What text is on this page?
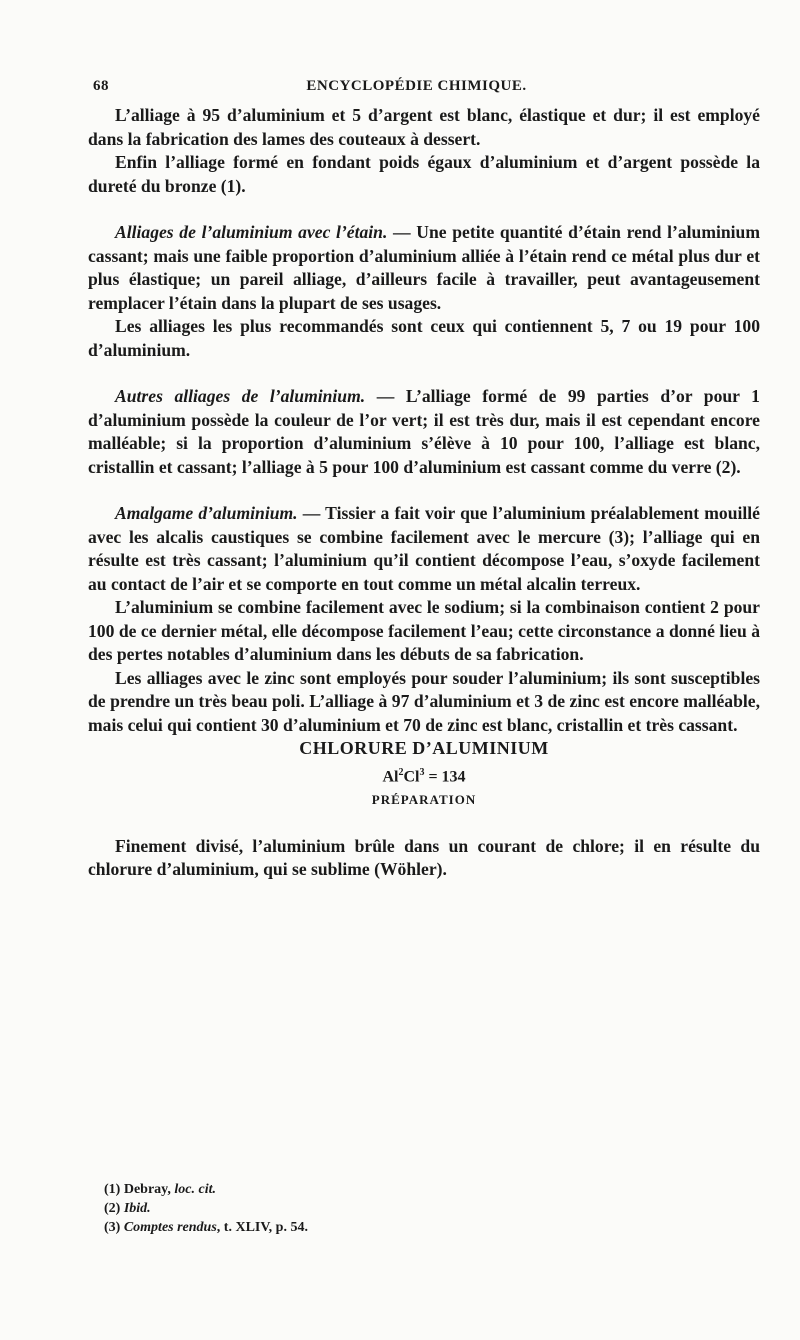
68	ENCYCLOPÉDIE CHIMIQUE.

L’alliage à 95 d’aluminium et 5 d’argent est blanc, élastique et dur; il est employé dans la fabrication des lames des couteaux à dessert.

Enfin l’alliage formé en fondant poids égaux d’aluminium et d’argent possède la dureté du bronze (1).

Alliages de l’aluminium avec l’étain. — Une petite quantité d’étain rend l’aluminium cassant; mais une faible proportion d’aluminium alliée à l’étain rend ce métal plus dur et plus élastique; un pareil alliage, d’ailleurs facile à travailler, peut avantageusement remplacer l’étain dans la plupart de ses usages.

Les alliages les plus recommandés sont ceux qui contiennent 5, 7 ou 19 pour 100 d’aluminium.

Autres alliages de l’aluminium. — L’alliage formé de 99 parties d’or pour 1 d’aluminium possède la couleur de l’or vert; il est très dur, mais il est cependant encore malléable; si la proportion d’aluminium s’élève à 10 pour 100, l’alliage est blanc, cristallin et cassant; l’alliage à 5 pour 100 d’aluminium est cassant comme du verre (2).

Amalgame d’aluminium. — Tissier a fait voir que l’aluminium préalablement mouillé avec les alcalis caustiques se combine facilement avec le mercure (3); l’alliage qui en résulte est très cassant; l’aluminium qu’il contient décompose l’eau, s’oxyde facilement au contact de l’air et se comporte en tout comme un métal alcalin terreux.

L’aluminium se combine facilement avec le sodium; si la combinaison contient 2 pour 100 de ce dernier métal, elle décompose facilement l’eau; cette circonstance a donné lieu à des pertes notables d’aluminium dans les débuts de sa fabrication.

Les alliages avec le zinc sont employés pour souder l’aluminium; ils sont susceptibles de prendre un très beau poli. L’alliage à 97 d’aluminium et 3 de zinc est encore malléable, mais celui qui contient 30 d’aluminium et 70 de zinc est blanc, cristallin et très cassant.

CHLORURE D’ALUMINIUM

$Al^2Cl^3 = 134$

PRÉPARATION

Finement divisé, l’aluminium brûle dans un courant de chlore; il en résulte du chlorure d’aluminium, qui se sublime (Wöhler).

(1) Debray, loc. cit.
(2) Ibid.
(3) Comptes rendus, t. XLIV, p. 54.
